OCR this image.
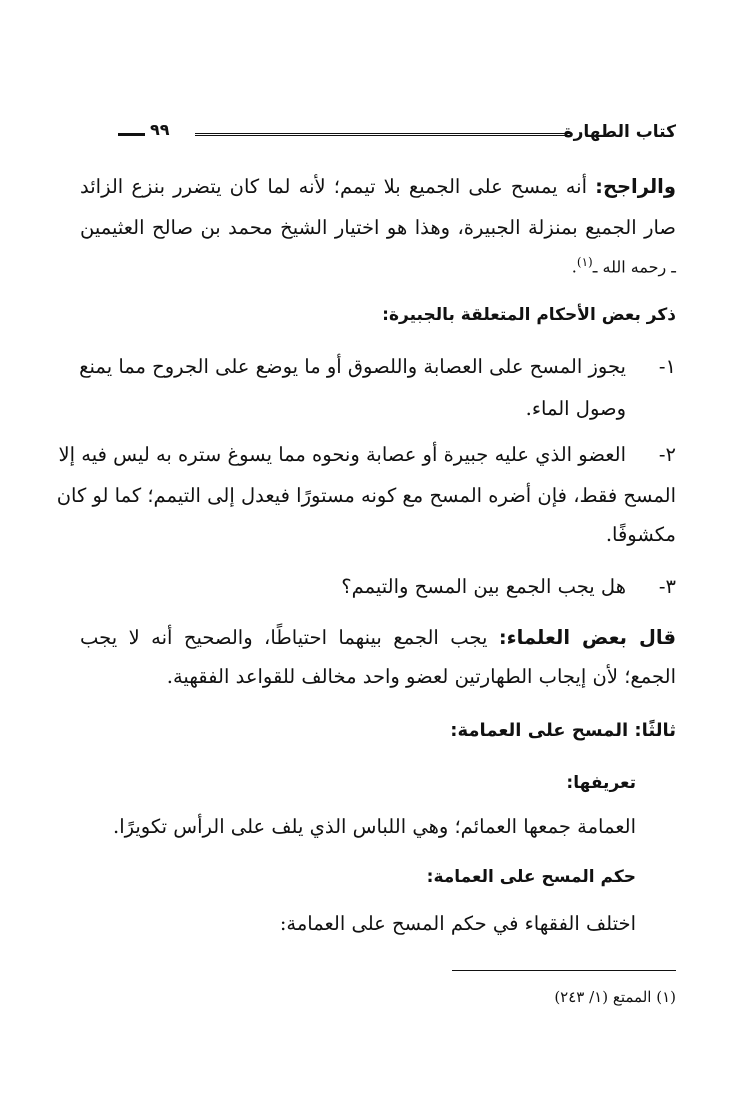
كتاب الطهارة
٩٩
والراجح: أنه يمسح على الجميع بلا تيمم؛ لأنه لما كان يتضرر بنزع الزائد
صار الجميع بمنزلة الجبيرة، وهذا هو اختيار الشيخ محمد بن صالح العثيمين
ـ رحمه الله ـ$^{(١)}$.
ذكر بعض الأحكام المتعلقة بالجبيرة:
١-
يجوز المسح على العصابة واللصوق أو ما يوضع على الجروح مما يمنع
وصول الماء.
٢-
العضو الذي عليه جبيرة أو عصابة ونحوه مما يسوغ ستره به ليس فيه إلا
المسح فقط، فإن أضره المسح مع كونه مستورًا فيعدل إلى التيمم؛ كما لو كان
مكشوفًا.
٣-
هل يجب الجمع بين المسح والتيمم؟
قال بعض العلماء: يجب الجمع بينهما احتياطًا، والصحيح أنه لا يجب
الجمع؛ لأن إيجاب الطهارتين لعضو واحد مخالف للقواعد الفقهية.
ثالثًا: المسح على العمامة:
تعريفها:
العمامة جمعها العمائم؛ وهي اللباس الذي يلف على الرأس تكويرًا.
حكم المسح على العمامة:
اختلف الفقهاء في حكم المسح على العمامة:
(١) الممتع (١/ ٢٤٣)
